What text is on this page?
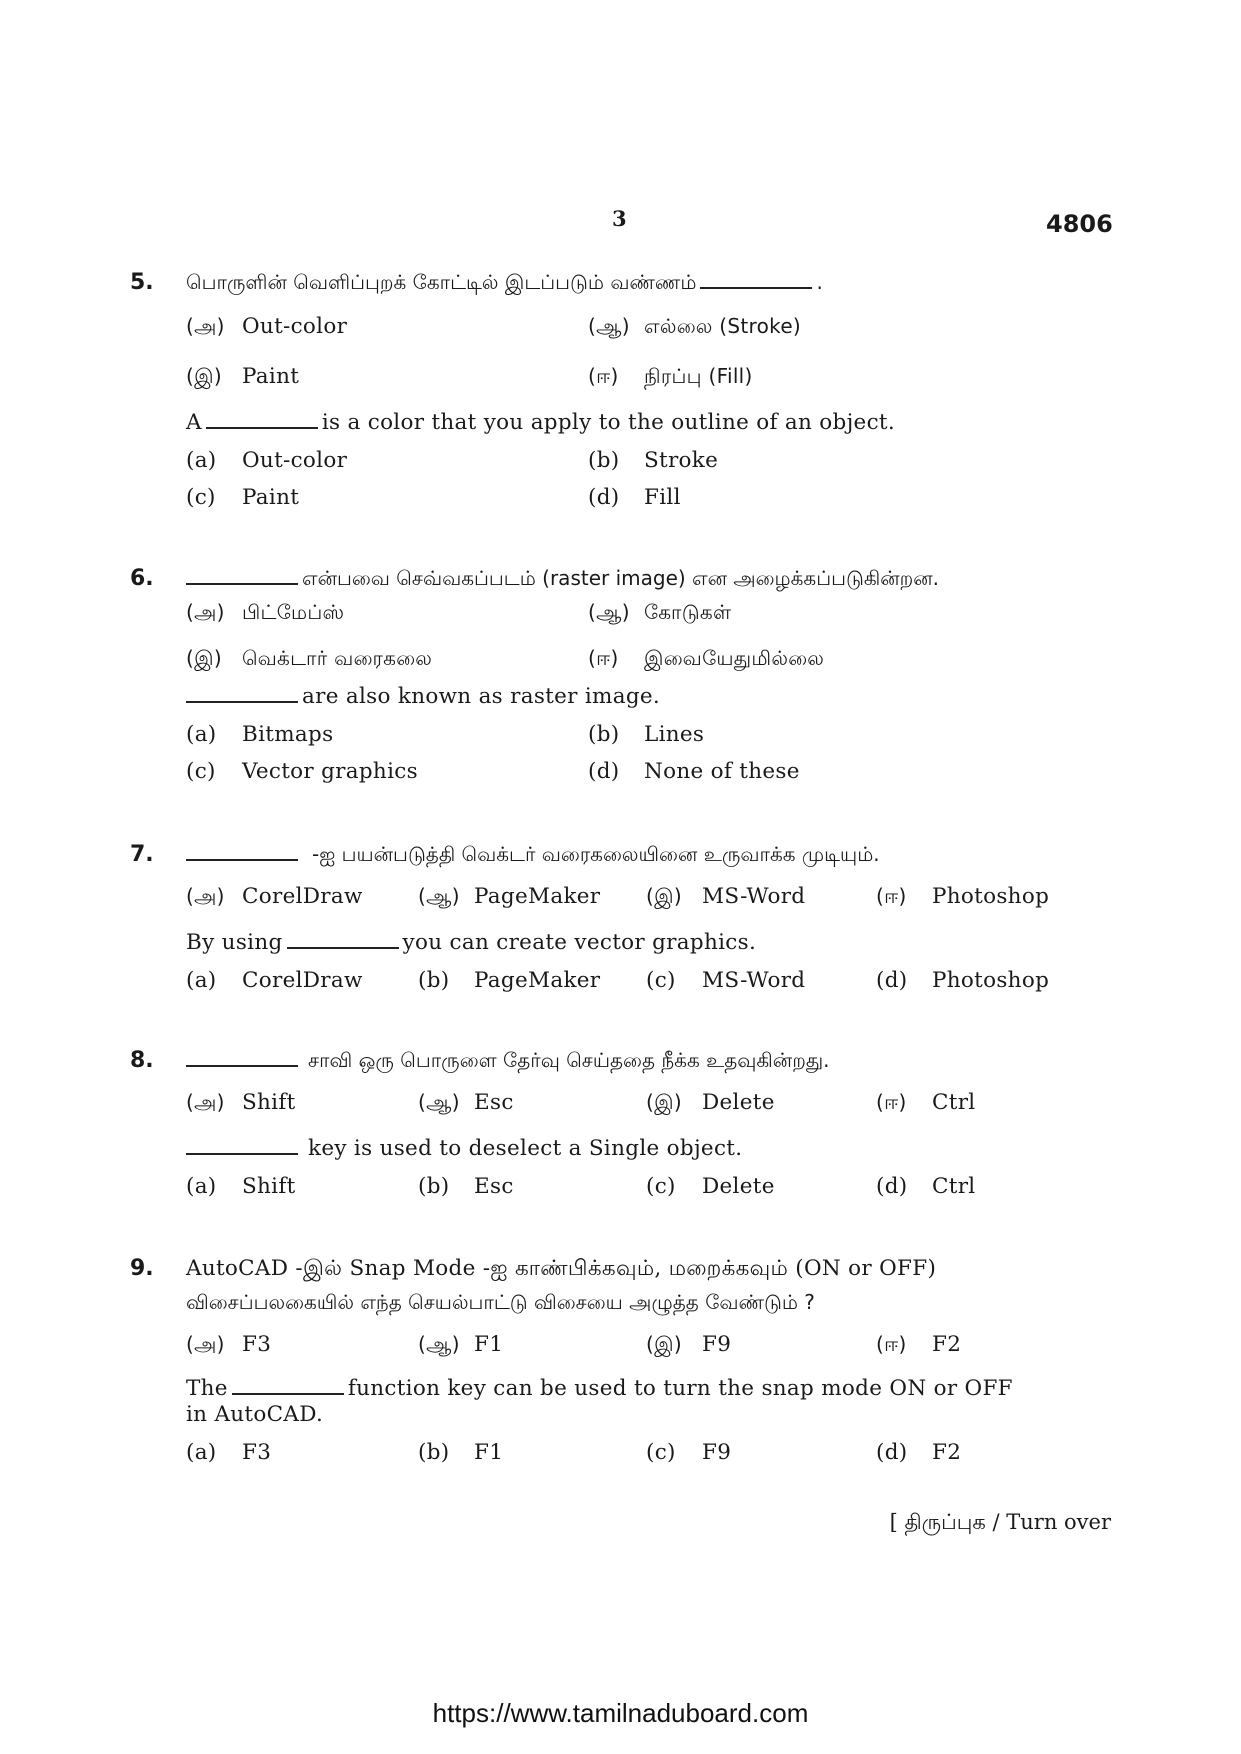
3	4806
5. பொருளின் வெளிப்புறக் கோட்டில் இடப்படும் வண்ணம்	.
(அ) Out-color	(ஆ) எல்லை (Stroke)
(இ) Paint	(ஈ) நிரப்பு (Fill)
A	is a color that you apply to the outline of an object.
(a) Out-color	(b) Stroke
(c) Paint	(d) Fill
6.	என்பவை செவ்வகப்படம் (raster image) என அழைக்கப்படுகின்றன.
(அ) பிட்மேப்ஸ்	(ஆ) கோடுகள்
(இ) வெக்டார் வரைகலை	(ஈ) இவையேதுமில்லை
are also known as raster image.
(a) Bitmaps	(b) Lines
(c) Vector graphics	(d) None of these
7.	-ஐ பயன்படுத்தி வெக்டர் வரைகலையினை உருவாக்க முடியும்.
(அ) CorelDraw	(ஆ) PageMaker (இ) MS-Word	(ஈ) Photoshop
By using	you can create vector graphics.
(a) CorelDraw	(b) PageMaker (c) MS-Word	(d) Photoshop
8.	சாவி ஒரு பொருளை தேர்வு செய்ததை நீக்க உதவுகின்றது.
(அ) Shift	(ஆ) Esc	(இ) Delete	(ஈ) Ctrl
key is used to deselect a Single object.
(a) Shift	(b) Esc	(c) Delete	(d) Ctrl
9. AutoCAD -இல் Snap Mode -ஐ காண்பிக்கவும், மறைக்கவும் (ON or OFF)
விசைப்பலகையில் எந்த செயல்பாட்டு விசையை அழுத்த வேண்டும் ?
(அ) F3	(ஆ) F1	(இ) F9	(ஈ) F2
The	function key can be used to turn the snap mode ON or OFF
in AutoCAD.
(a) F3	(b) F1	(c) F9	(d) F2
[ திருப்புக / Turn over
https://www.tamilnaduboard.com
